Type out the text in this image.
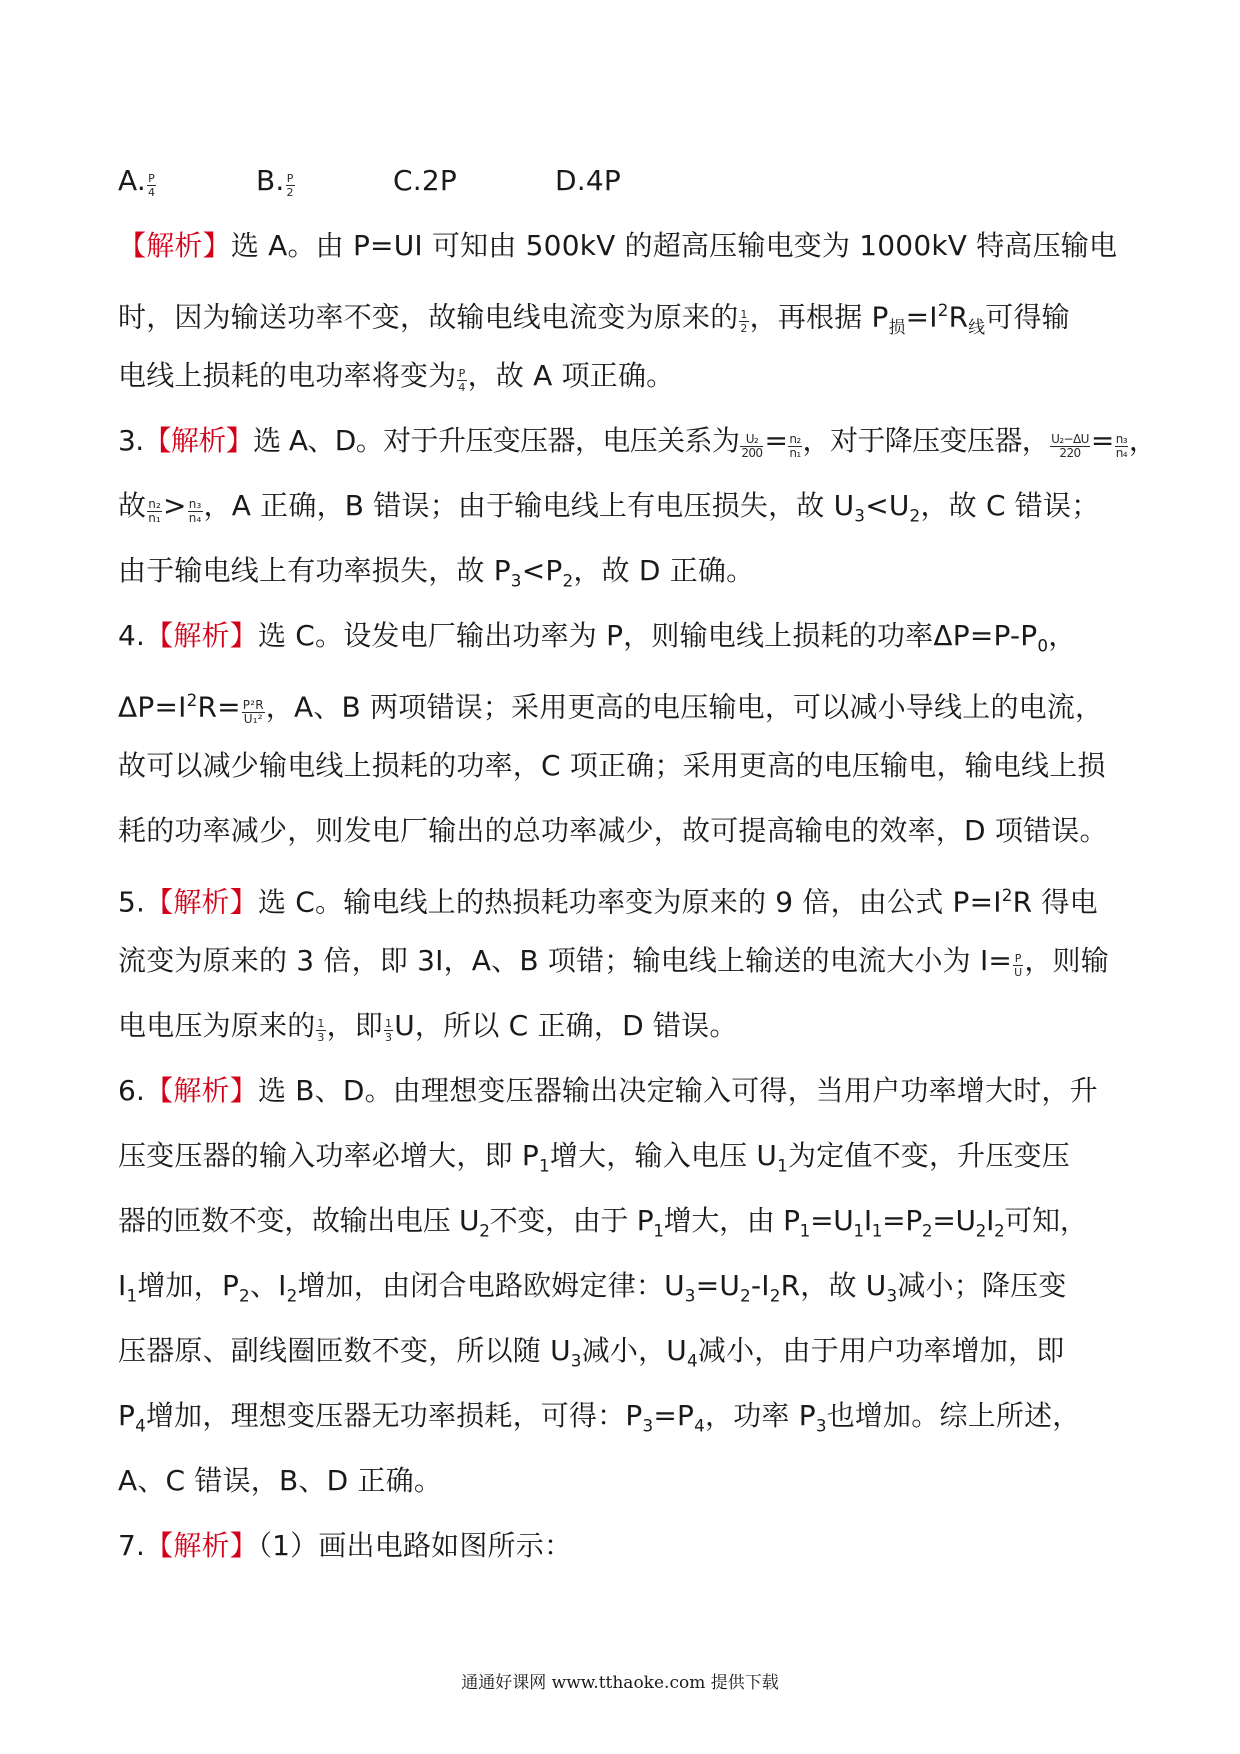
A. $\frac{P}{4}$	B. $\frac{P}{2}$	C.2P	D.4P
【解析】选 A。由 P=UI 可知由 500kV 的超高压输电变为 1000kV 特高压输电
时，因为输送功率不变，故输电线电流变为原来的 $\frac{1}{2}$ ，再根据 $P_损=I^2R_线$可得输
电线上损耗的电功率将变为 $\frac{P}{4}$ ，故 A 项正确。
3.【解析】选 A、D。对于升压变压器，电压关系为 $\frac{\text{U₂}}{200} = \frac{\text{n₂}}{\text{n₁}}$ ，对于降压变压器， $\frac{\text{U₂−ΔU}}{220} = \frac{\text{n₃}}{\text{n₄}}$ ，
故 $\frac{\text{n₂}}{\text{n₁}} > \frac{\text{n₃}}{\text{n₄}}$ ，A 正确，B 错误；由于输电线上有电压损失，故 $U_3<U_2$，故 C 错误；
由于输电线上有功率损失，故 $P_3<P_2$，故 D 正确。
4.【解析】选 C。设发电厂输出功率为 P，则输电线上损耗的功率$\Delta P=P-P_0$，
$\Delta P=I^2R= \frac{\text{P²R}}{\text{U₁²}}$ ，A、B 两项错误；采用更高的电压输电，可以减小导线上的电流，
故可以减少输电线上损耗的功率，C 项正确；采用更高的电压输电，输电线上损
耗的功率减少，则发电厂输出的总功率减少，故可提高输电的效率，D 项错误。
5.【解析】选 C。输电线上的热损耗功率变为原来的 9 倍，由公式 $P=I^2R$ 得电
流变为原来的 3 倍，即 3I，A、B 项错；输电线上输送的电流大小为 $I= \frac{P}{U}$ ，则输
电电压为原来的 $\frac{1}{3}$ ，即 $\frac{1}{3}$ U，所以 C 正确，D 错误。
6.【解析】选 B、D。由理想变压器输出决定输入可得，当用户功率增大时，升
压变压器的输入功率必增大，即 $P_1$增大，输入电压 $U_1$为定值不变，升压变压
器的匝数不变，故输出电压 $U_2$不变，由于 $P_1$增大，由 $P_1=U_1I_1=P_2=U_2I_2$可知，
$I_1$增加，$P_2$、$I_2$增加，由闭合电路欧姆定律：$U_3=U_2-I_2R$，故 $U_3$减小；降压变
压器原、副线圈匝数不变，所以随 $U_3$减小，$U_4$减小，由于用户功率增加，即
$P_4$增加，理想变压器无功率损耗，可得：$P_3=P_4$，功率 $P_3$也增加。综上所述，
A、C 错误，B、D 正确。
7.【解析】（1）画出电路如图所示：
通通好课网 www.tthaoke.com 提供下载
